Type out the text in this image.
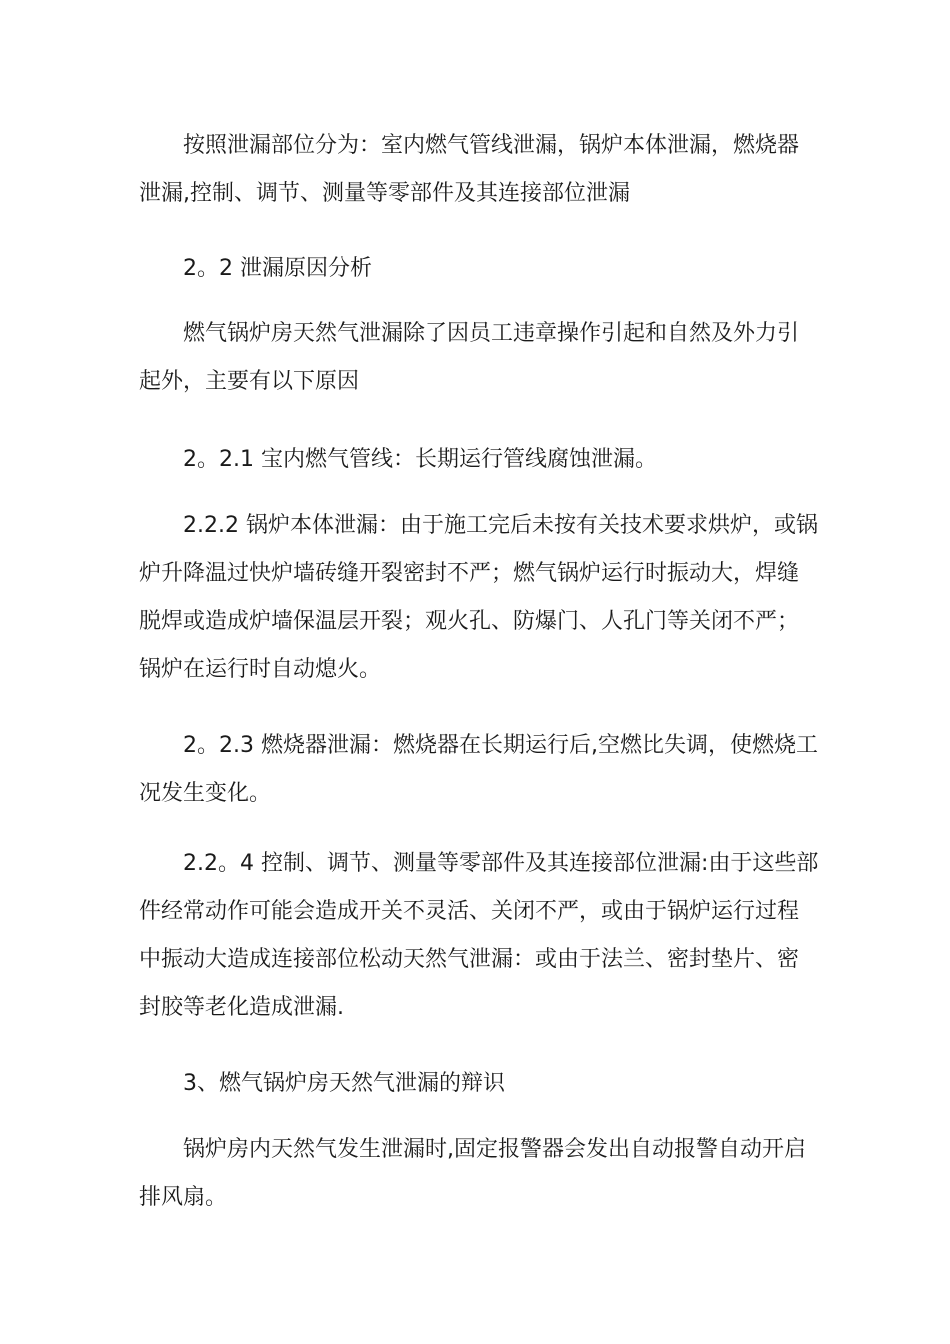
按照泄漏部位分为：室内燃气管线泄漏，锅炉本体泄漏，燃烧器
泄漏,控制、调节、测量等零部件及其连接部位泄漏

2。2 泄漏原因分析

燃气锅炉房天然气泄漏除了因员工违章操作引起和自然及外力引
起外，主要有以下原因

2。2.1 宝内燃气管线：长期运行管线腐蚀泄漏。

2.2.2 锅炉本体泄漏：由于施工完后未按有关技术要求烘炉，或锅
炉升降温过快炉墙砖缝开裂密封不严；燃气锅炉运行时振动大，焊缝
脱焊或造成炉墙保温层开裂；观火孔、防爆门、人孔门等关闭不严；
锅炉在运行时自动熄火。

2。2.3 燃烧器泄漏：燃烧器在长期运行后,空燃比失调，使燃烧工
况发生变化。

2.2。4 控制、调节、测量等零部件及其连接部位泄漏:由于这些部
件经常动作可能会造成开关不灵活、关闭不严，或由于锅炉运行过程
中振动大造成连接部位松动天然气泄漏：或由于法兰、密封垫片、密
封胶等老化造成泄漏.

3、燃气锅炉房天然气泄漏的辩识

锅炉房内天然气发生泄漏时,固定报警器会发出自动报警自动开启
排风扇。
